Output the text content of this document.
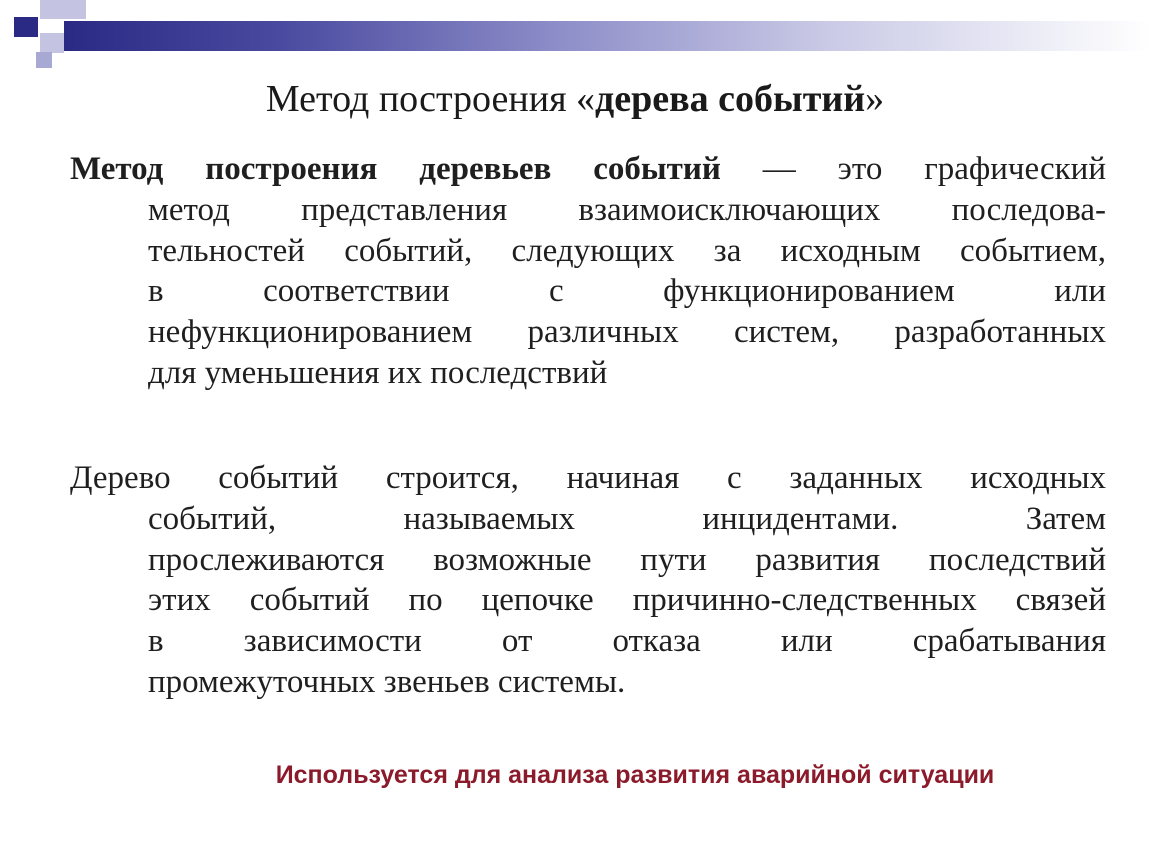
Метод построения «дерева событий»
Метод построения деревьев событий — это графический
метод представления взаимоисключающих последова-
тельностей событий, следующих за исходным событием,
в соответствии с функционированием или
нефункционированием различных систем, разработанных
для уменьшения их последствий
Дерево событий строится, начиная с заданных исходных
событий, называемых инцидентами. Затем
прослеживаются возможные пути развития последствий
этих событий по цепочке причинно-следственных связей
в зависимости от отказа или срабатывания
промежуточных звеньев системы.
Используется для анализа развития аварийной ситуации
